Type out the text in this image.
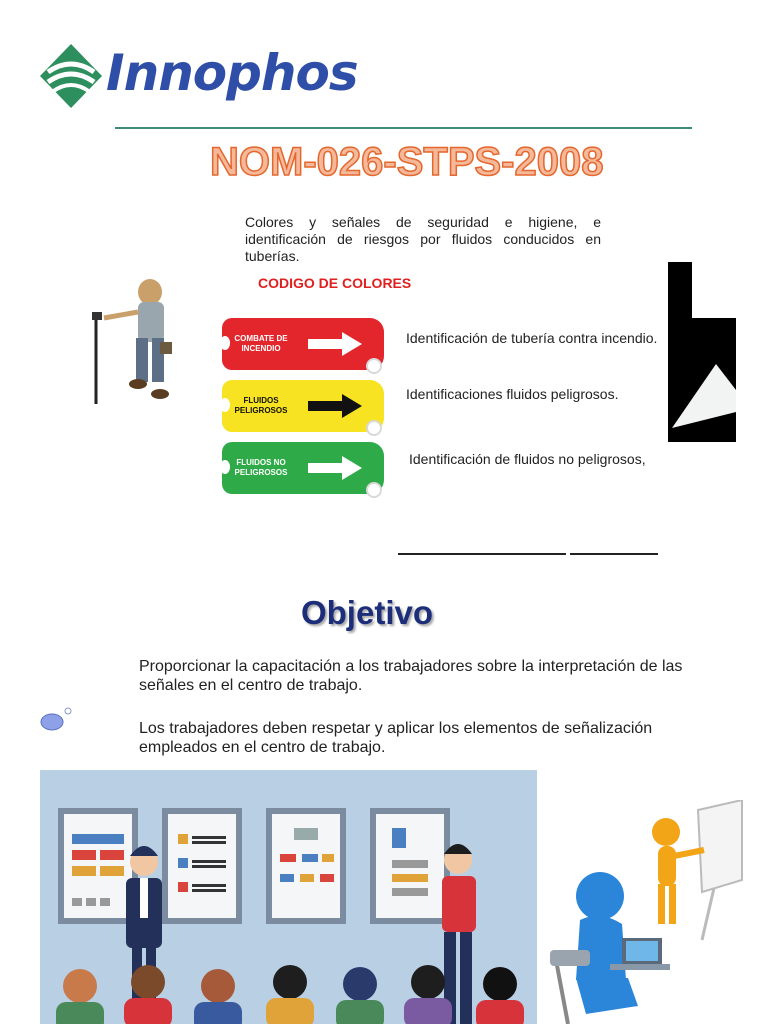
Innophos
NOM-026-STPS-2008
Colores y señales de seguridad e higiene, e identificación de riesgos por fluidos conducidos en tuberías.
CODIGO DE COLORES
COMBATE DE INCENDIO
Identificación de tubería contra incendio.
FLUIDOS PELIGROSOS
Identificaciones fluidos peligrosos.
FLUIDOS NO PELIGROSOS
Identificación de fluidos no peligrosos,
Objetivo
Proporcionar la capacitación a los trabajadores sobre la interpretación de las señales en el centro de trabajo.
Los trabajadores deben respetar y aplicar los elementos de señalización empleados en el centro de trabajo.
